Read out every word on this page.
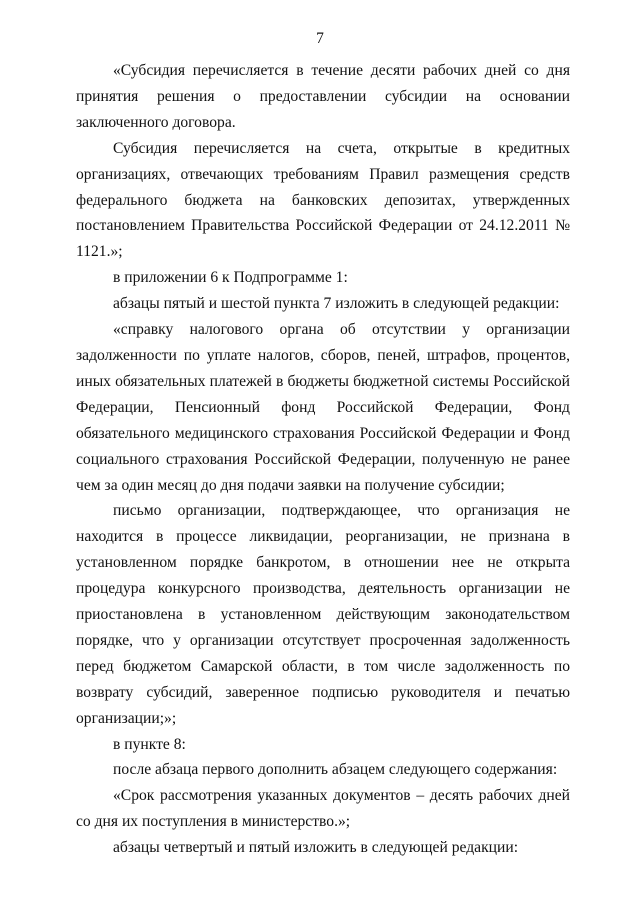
7

«Субсидия перечисляется в течение десяти рабочих дней со дня принятия решения о предоставлении субсидии на основании заключенного договора.

Субсидия перечисляется на счета, открытые в кредитных организациях, отвечающих требованиям Правил размещения средств федерального бюджета на банковских депозитах, утвержденных постановлением Правительства Российской Федерации от 24.12.2011 № 1121.»;

в приложении 6 к Подпрограмме 1:

абзацы пятый и шестой пункта 7 изложить в следующей редакции:

«справку налогового органа об отсутствии у организации задолженности по уплате налогов, сборов, пеней, штрафов, процентов, иных обязательных платежей в бюджеты бюджетной системы Российской Федерации, Пенсионный фонд Российской Федерации, Фонд обязательного медицинского страхования Российской Федерации и Фонд социального страхования Российской Федерации, полученную не ранее чем за один месяц до дня подачи заявки на получение субсидии;

письмо организации, подтверждающее, что организация не находится в процессе ликвидации, реорганизации, не признана в установленном порядке банкротом, в отношении нее не открыта процедура конкурсного производства, деятельность организации не приостановлена в установленном действующим законодательством порядке, что у организации отсутствует просроченная задолженность перед бюджетом Самарской области, в том числе задолженность по возврату субсидий, заверенное подписью руководителя и печатью организации;»;

в пункте 8:

после абзаца первого дополнить абзацем следующего содержания:

«Срок рассмотрения указанных документов – десять рабочих дней со дня их поступления в министерство.»;

абзацы четвертый и пятый изложить в следующей редакции:
